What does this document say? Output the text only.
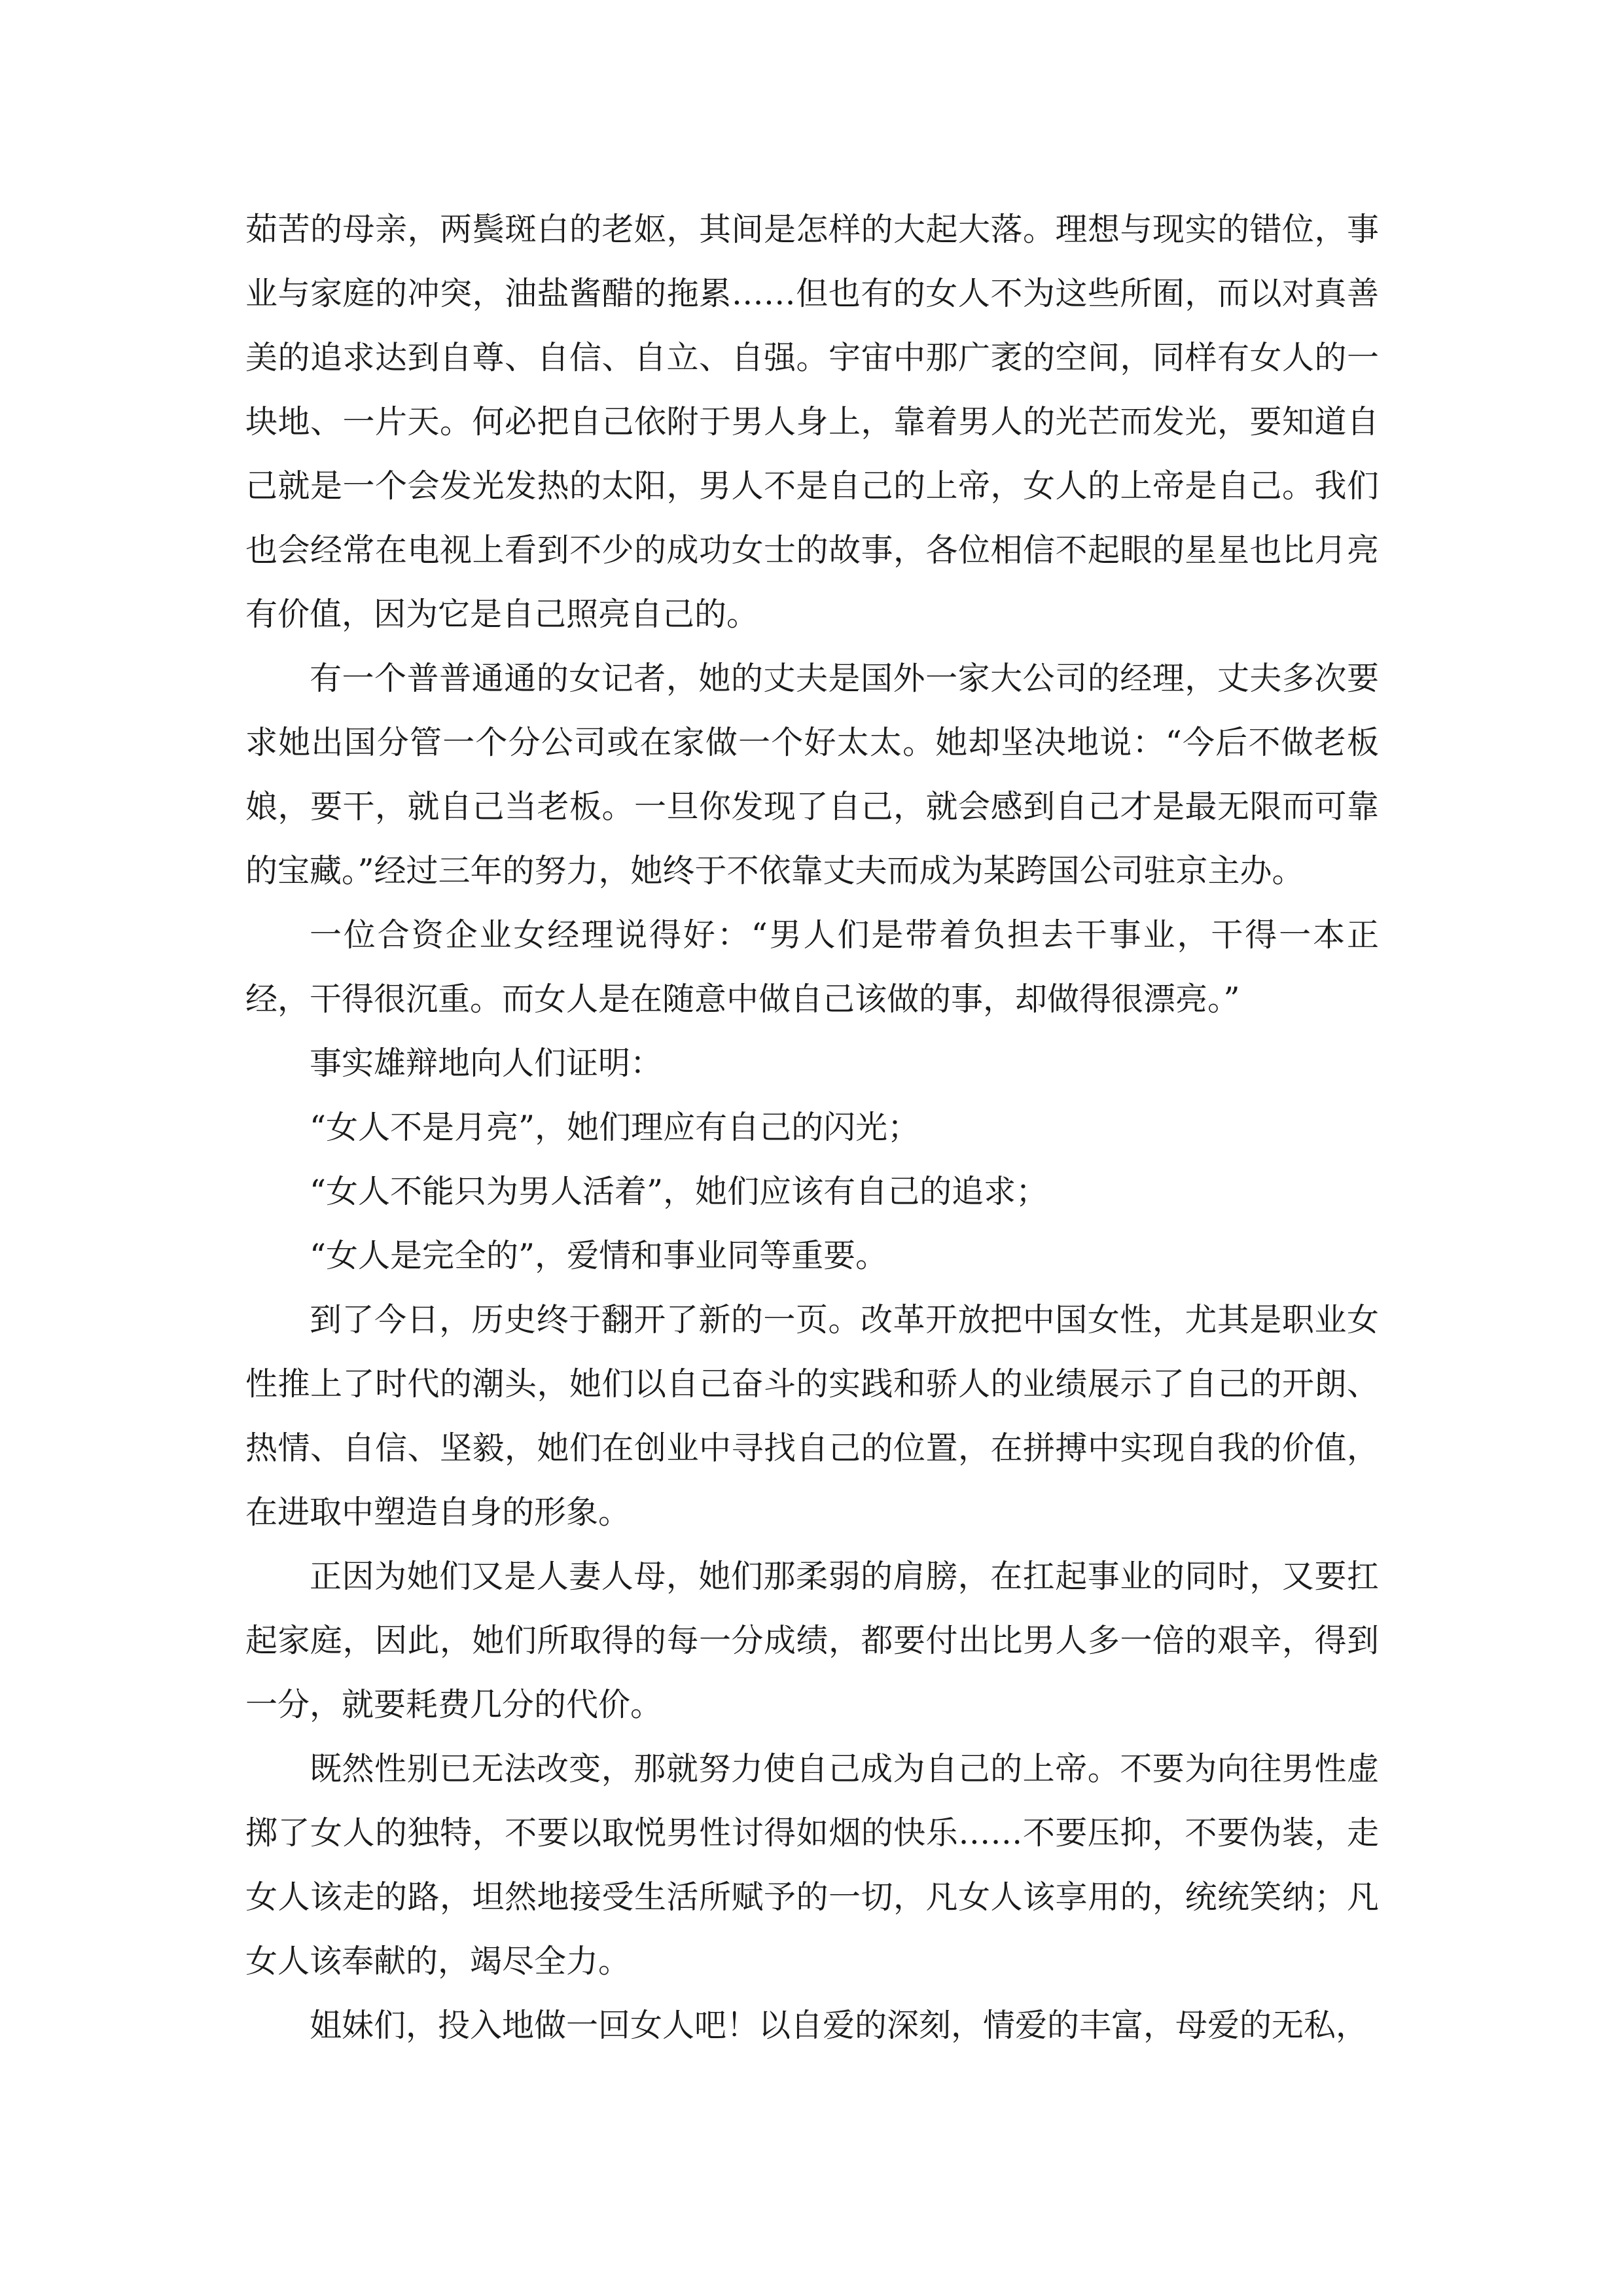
茹苦的母亲，两鬓斑白的老妪，其间是怎样的大起大落。理想与现实的错位，事业与家庭的冲突，油盐酱醋的拖累……但也有的女人不为这些所囿，而以对真善美的追求达到自尊、自信、自立、自强。宇宙中那广袤的空间，同样有女人的一块地、一片天。何必把自己依附于男人身上，靠着男人的光芒而发光，要知道自己就是一个会发光发热的太阳，男人不是自己的上帝，女人的上帝是自己。我们也会经常在电视上看到不少的成功女士的故事，各位相信不起眼的星星也比月亮有价值，因为它是自己照亮自己的。

有一个普普通通的女记者，她的丈夫是国外一家大公司的经理，丈夫多次要求她出国分管一个分公司或在家做一个好太太。她却坚决地说：“今后不做老板娘，要干，就自己当老板。一旦你发现了自己，就会感到自己才是最无限而可靠的宝藏。”经过三年的努力，她终于不依靠丈夫而成为某跨国公司驻京主办。

一位合资企业女经理说得好：“男人们是带着负担去干事业，干得一本正经，干得很沉重。而女人是在随意中做自己该做的事，却做得很漂亮。”

事实雄辩地向人们证明：

“女人不是月亮”，她们理应有自己的闪光；

“女人不能只为男人活着”，她们应该有自己的追求；

“女人是完全的”，爱情和事业同等重要。

到了今日，历史终于翻开了新的一页。改革开放把中国女性，尤其是职业女性推上了时代的潮头，她们以自己奋斗的实践和骄人的业绩展示了自己的开朗、热情、自信、坚毅，她们在创业中寻找自己的位置，在拼搏中实现自我的价值，在进取中塑造自身的形象。

正因为她们又是人妻人母，她们那柔弱的肩膀，在扛起事业的同时，又要扛起家庭，因此，她们所取得的每一分成绩，都要付出比男人多一倍的艰辛，得到一分，就要耗费几分的代价。

既然性别已无法改变，那就努力使自己成为自己的上帝。不要为向往男性虚掷了女人的独特，不要以取悦男性讨得如烟的快乐……不要压抑，不要伪装，走女人该走的路，坦然地接受生活所赋予的一切，凡女人该享用的，统统笑纳；凡女人该奉献的，竭尽全力。

姐妹们，投入地做一回女人吧！以自爱的深刻，情爱的丰富，母爱的无私，
